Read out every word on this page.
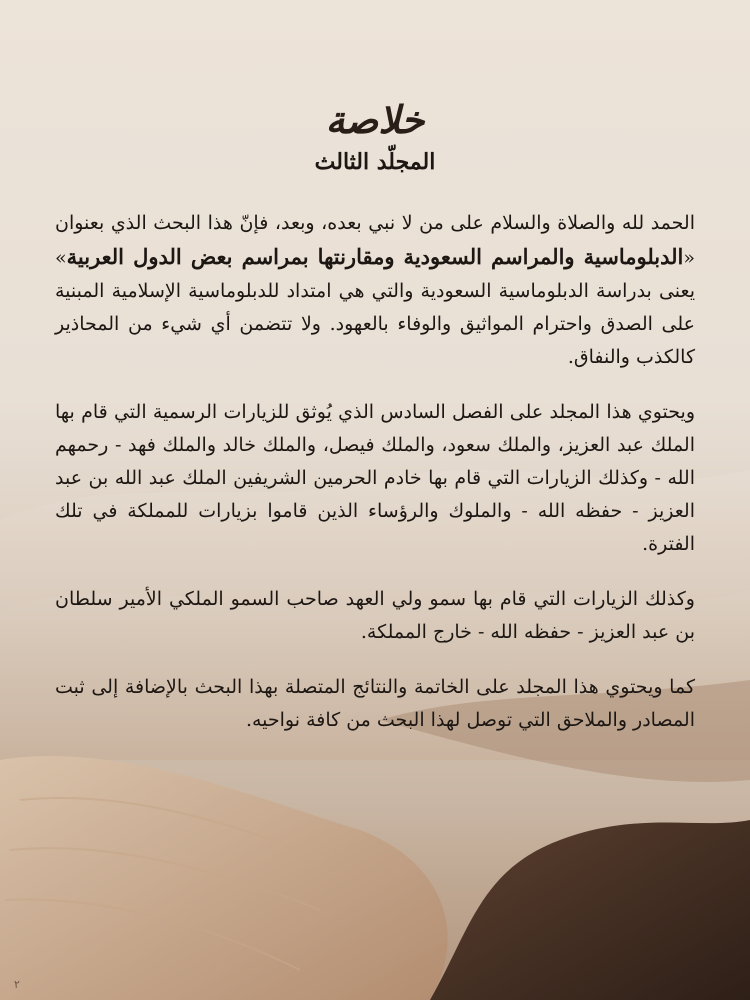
خلاصة
المجلّد الثالث

الحمد لله والصلاة والسلام على من لا نبي بعده، وبعد، فإنّ هذا البحث الذي بعنوان «الدبلوماسية والمراسم السعودية ومقارنتها بمراسم بعض الدول العربية» يعنى بدراسة الدبلوماسية السعودية والتي هي امتداد للدبلوماسية الإسلامية المبنية على الصدق واحترام المواثيق والوفاء بالعهود. ولا تتضمن أي شيء من المحاذير كالكذب والنفاق.

ويحتوي هذا المجلد على الفصل السادس الذي يُوثق للزيارات الرسمية التي قام بها الملك عبد العزيز، والملك سعود، والملك فيصل، والملك خالد والملك فهد - رحمهم الله - وكذلك الزيارات التي قام بها خادم الحرمين الشريفين الملك عبد الله بن عبد العزيز - حفظه الله - والملوك والرؤساء الذين قاموا بزيارات للمملكة في تلك الفترة.

وكذلك الزيارات التي قام بها سمو ولي العهد صاحب السمو الملكي الأمير سلطان بن عبد العزيز - حفظه الله - خارج المملكة.

كما ويحتوي هذا المجلد على الخاتمة والنتائج المتصلة بهذا البحث بالإضافة إلى ثبت المصادر والملاحق التي توصل لهذا البحث من كافة نواحيه.

٢
